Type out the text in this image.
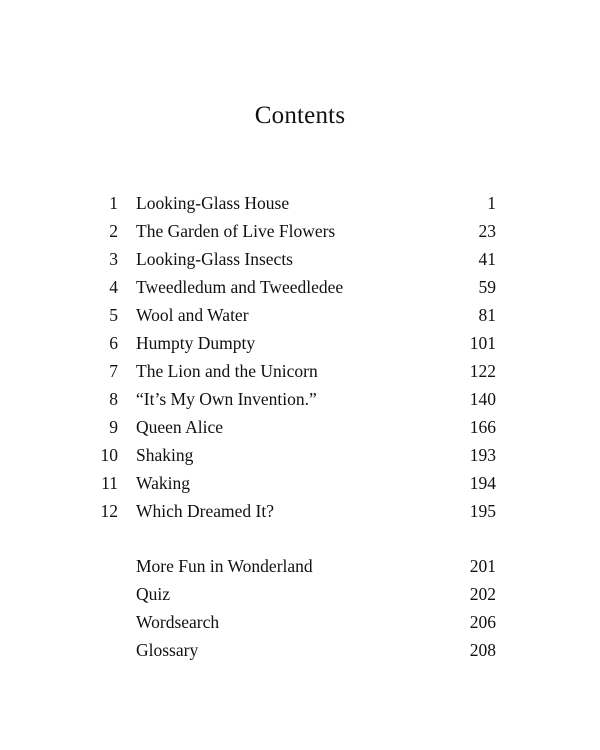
Contents
1 Looking-Glass House	1
2 The Garden of Live Flowers	23
3 Looking-Glass Insects	41
4 Tweedledum and Tweedledee	59
5 Wool and Water	81
6 Humpty Dumpty	101
7 The Lion and the Unicorn	122
8 “It’s My Own Invention.”	140
9 Queen Alice	166
10 Shaking	193
11 Waking	194
12 Which Dreamed It?	195
More Fun in Wonderland	201
Quiz	202
Wordsearch	206
Glossary	208
